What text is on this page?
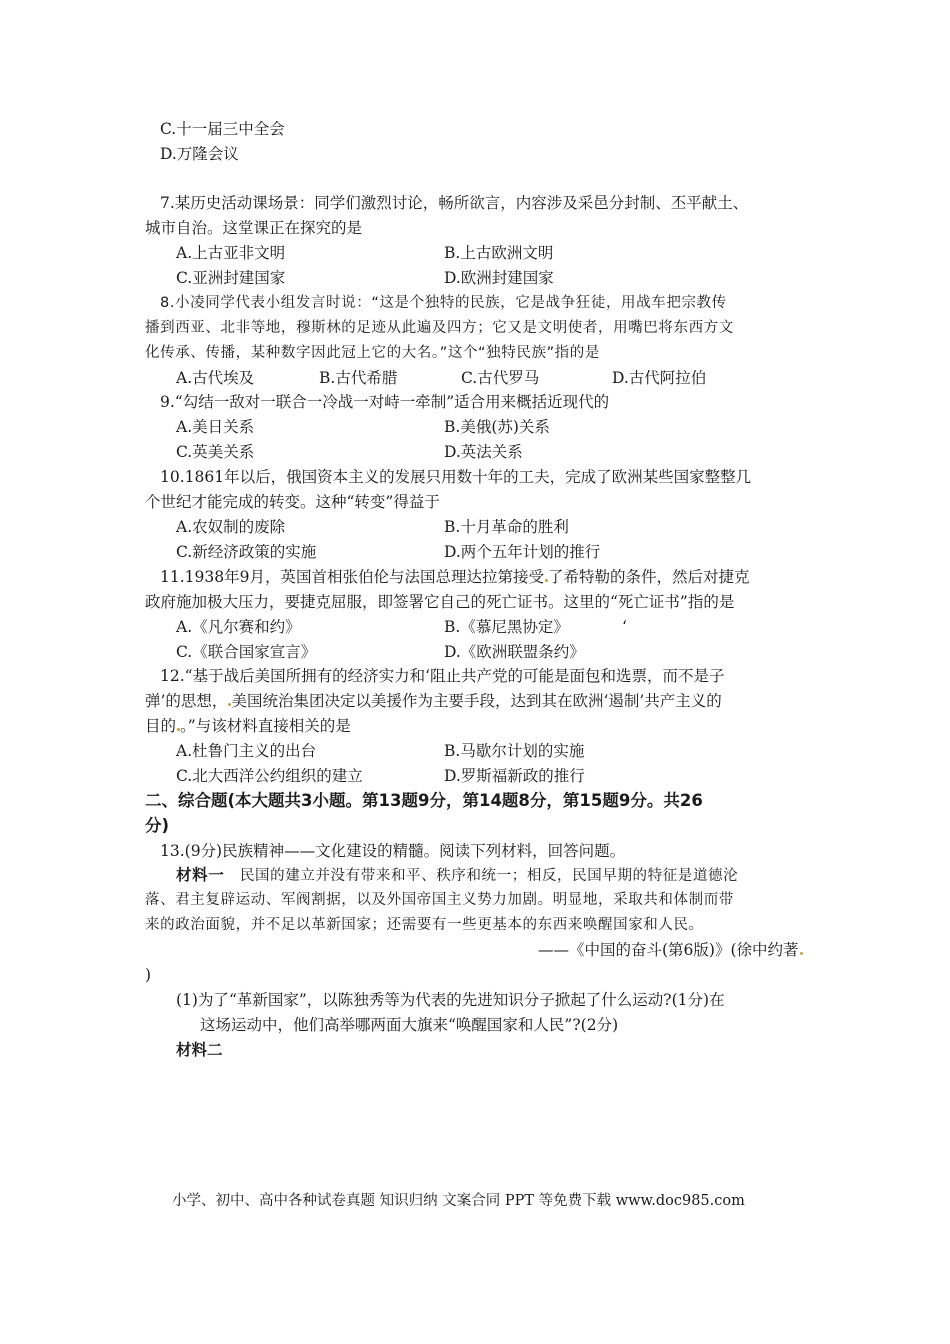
C.十一届三中全会
D.万隆会议
7.某历史活动课场景：同学们激烈讨论，畅所欲言，内容涉及采邑分封制、丕平献土、
城市自治。这堂课正在探究的是
A.上古亚非文明	B.上古欧洲文明
C.亚洲封建国家	D.欧洲封建国家
8.小凌同学代表小组发言时说：“这是个独特的民族，它是战争狂徒，用战车把宗教传
播到西亚、北非等地，穆斯林的足迹从此遍及四方；它又是文明使者，用嘴巴将东西方文
化传承、传播，某种数字因此冠上它的大名。”这个“独特民族”指的是
A.古代埃及	B.古代希腊	C.古代罗马	D.古代阿拉伯
9.“勾结一敌对一联合一冷战一对峙一牵制”适合用来概括近现代的
A.美日关系	B.美俄(苏)关系
C.英美关系	D.英法关系
10.1861年以后，俄国资本主义的发展只用数十年的工夫，完成了欧洲某些国家整整几
个世纪才能完成的转变。这种“转变”得益于
A.农奴制的废除	B.十月革命的胜利
C.新经济政策的实施	D.两个五年计划的推行
11.1938年9月，英国首相张伯伦与法国总理达拉第接受 了希特勒的条件，然后对捷克
政府施加极大压力，要捷克屈服，即签署它自己的死亡证书。这里的“死亡证书”指的是
A.《凡尔赛和约》	B.《慕尼黑协定》	‘
C.《联合国家宣言》	D.《欧洲联盟条约》
12.“基于战后美国所拥有的经济实力和‘阻止共产党的可能是面包和选票，而不是子
弹’的思想， 美国统治集团决定以美援作为主要手段，达到其在欧洲‘遏制’共产主义的
目的 。”与该材料直接相关的是
A.杜鲁门主义的出台	B.马歇尔计划的实施
C.北大西洋公约组织的建立	D.罗斯福新政的推行
二、综合题(本大题共3小题。第13题9分，第14题8分，第15题9分。共26
分)
13.(9分)民族精神——文化建设的精髓。阅读下列材料，回答问题。
材料一 民国的建立并没有带来和平、秩序和统一；相反，民国早期的特征是道德沦
落、君主复辟运动、军阀割据，以及外国帝国主义势力加剧。明显地，采取共和体制而带
来的政治面貌，并不足以革新国家；还需要有一些更基本的东西来唤醒国家和人民。
——《中国的奋斗(第6版)》(徐中约著
)
(1)为了“革新国家”，以陈独秀等为代表的先进知识分子掀起了什么运动?(1分)在
这场运动中，他们高举哪两面大旗来“唤醒国家和人民”?(2分)
材料二
小学、初中、高中各种试卷真题 知识归纳 文案合同 PPT 等免费下载 www.doc985.com
